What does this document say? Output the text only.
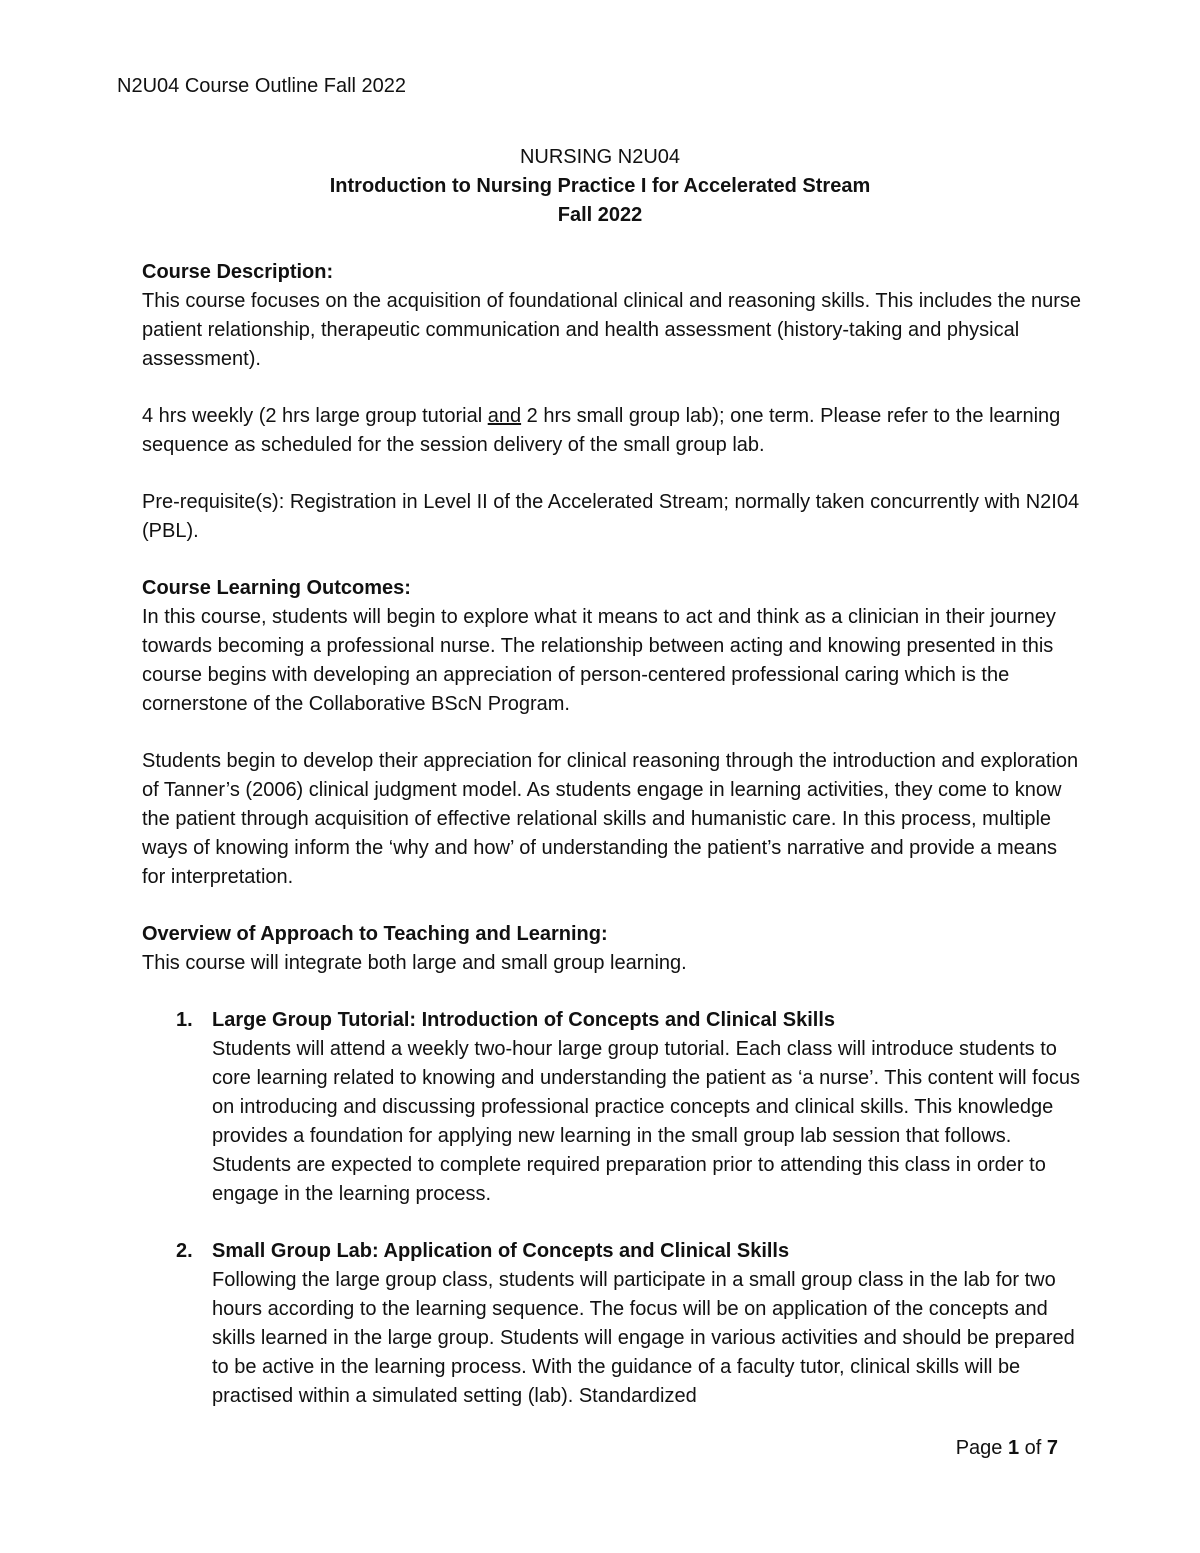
N2U04 Course Outline Fall 2022
NURSING N2U04
Introduction to Nursing Practice I for Accelerated Stream
Fall 2022

Course Description:
This course focuses on the acquisition of foundational clinical and reasoning skills. This includes the nurse patient relationship, therapeutic communication and health assessment (history-taking and physical assessment).

4 hrs weekly (2 hrs large group tutorial and 2 hrs small group lab); one term. Please refer to the learning sequence as scheduled for the session delivery of the small group lab.

Pre-requisite(s): Registration in Level II of the Accelerated Stream; normally taken concurrently with N2I04 (PBL).

Course Learning Outcomes:
In this course, students will begin to explore what it means to act and think as a clinician in their journey towards becoming a professional nurse. The relationship between acting and knowing presented in this course begins with developing an appreciation of person-centered professional caring which is the cornerstone of the Collaborative BScN Program.

Students begin to develop their appreciation for clinical reasoning through the introduction and exploration of Tanner’s (2006) clinical judgment model. As students engage in learning activities, they come to know the patient through acquisition of effective relational skills and humanistic care. In this process, multiple ways of knowing inform the ‘why and how’ of understanding the patient’s narrative and provide a means for interpretation.

Overview of Approach to Teaching and Learning:
This course will integrate both large and small group learning.

1. Large Group Tutorial: Introduction of Concepts and Clinical Skills
Students will attend a weekly two-hour large group tutorial. Each class will introduce students to core learning related to knowing and understanding the patient as ‘a nurse’. This content will focus on introducing and discussing professional practice concepts and clinical skills. This knowledge provides a foundation for applying new learning in the small group lab session that follows. Students are expected to complete required preparation prior to attending this class in order to engage in the learning process.
2. Small Group Lab: Application of Concepts and Clinical Skills
Following the large group class, students will participate in a small group class in the lab for two hours according to the learning sequence. The focus will be on application of the concepts and skills learned in the large group. Students will engage in various activities and should be prepared to be active in the learning process. With the guidance of a faculty tutor, clinical skills will be practised within a simulated setting (lab). Standardized
Page 1 of 7
